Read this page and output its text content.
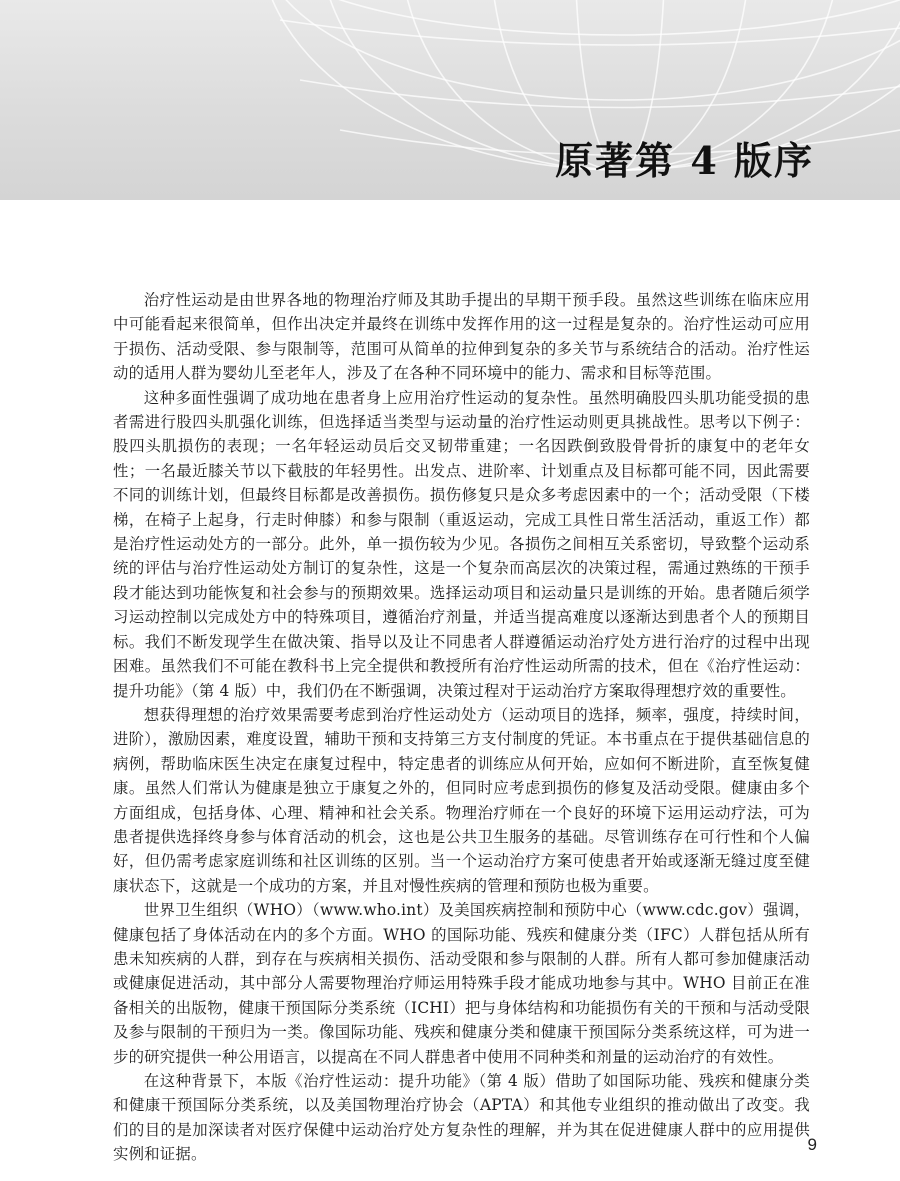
原著第 4 版序

治疗性运动是由世界各地的物理治疗师及其助手提出的早期干预手段。虽然这些训练在临床应用中可能看起来很简单，但作出决定并最终在训练中发挥作用的这一过程是复杂的。治疗性运动可应用于损伤、活动受限、参与限制等，范围可从简单的拉伸到复杂的多关节与系统结合的活动。治疗性运动的适用人群为婴幼儿至老年人，涉及了在各种不同环境中的能力、需求和目标等范围。

这种多面性强调了成功地在患者身上应用治疗性运动的复杂性。虽然明确股四头肌功能受损的患者需进行股四头肌强化训练，但选择适当类型与运动量的治疗性运动则更具挑战性。思考以下例子：股四头肌损伤的表现；一名年轻运动员后交叉韧带重建；一名因跌倒致股骨骨折的康复中的老年女性；一名最近膝关节以下截肢的年轻男性。出发点、进阶率、计划重点及目标都可能不同，因此需要不同的训练计划，但最终目标都是改善损伤。损伤修复只是众多考虑因素中的一个；活动受限（下楼梯，在椅子上起身，行走时伸膝）和参与限制（重返运动，完成工具性日常生活活动，重返工作）都是治疗性运动处方的一部分。此外，单一损伤较为少见。各损伤之间相互关系密切，导致整个运动系统的评估与治疗性运动处方制订的复杂性，这是一个复杂而高层次的决策过程，需通过熟练的干预手段才能达到功能恢复和社会参与的预期效果。选择运动项目和运动量只是训练的开始。患者随后须学习运动控制以完成处方中的特殊项目，遵循治疗剂量，并适当提高难度以逐渐达到患者个人的预期目标。我们不断发现学生在做决策、指导以及让不同患者人群遵循运动治疗处方进行治疗的过程中出现困难。虽然我们不可能在教科书上完全提供和教授所有治疗性运动所需的技术，但在《治疗性运动：提升功能》（第 4 版）中，我们仍在不断强调，决策过程对于运动治疗方案取得理想疗效的重要性。

想获得理想的治疗效果需要考虑到治疗性运动处方（运动项目的选择，频率，强度，持续时间，进阶），激励因素，难度设置，辅助干预和支持第三方支付制度的凭证。本书重点在于提供基础信息的病例，帮助临床医生决定在康复过程中，特定患者的训练应从何开始，应如何不断进阶，直至恢复健康。虽然人们常认为健康是独立于康复之外的，但同时应考虑到损伤的修复及活动受限。健康由多个方面组成，包括身体、心理、精神和社会关系。物理治疗师在一个良好的环境下运用运动疗法，可为患者提供选择终身参与体育活动的机会，这也是公共卫生服务的基础。尽管训练存在可行性和个人偏好，但仍需考虑家庭训练和社区训练的区别。当一个运动治疗方案可使患者开始或逐渐无缝过度至健康状态下，这就是一个成功的方案，并且对慢性疾病的管理和预防也极为重要。

世界卫生组织（WHO）（www.who.int）及美国疾病控制和预防中心（www.cdc.gov）强调，健康包括了身体活动在内的多个方面。WHO 的国际功能、残疾和健康分类（IFC）人群包括从所有患未知疾病的人群，到存在与疾病相关损伤、活动受限和参与限制的人群。所有人都可参加健康活动或健康促进活动，其中部分人需要物理治疗师运用特殊手段才能成功地参与其中。WHO 目前正在准备相关的出版物，健康干预国际分类系统（ICHI）把与身体结构和功能损伤有关的干预和与活动受限及参与限制的干预归为一类。像国际功能、残疾和健康分类和健康干预国际分类系统这样，可为进一步的研究提供一种公用语言，以提高在不同人群患者中使用不同种类和剂量的运动治疗的有效性。

在这种背景下，本版《治疗性运动：提升功能》（第 4 版）借助了如国际功能、残疾和健康分类和健康干预国际分类系统，以及美国物理治疗协会（APTA）和其他专业组织的推动做出了改变。我们的目的是加深读者对医疗保健中运动治疗处方复杂性的理解，并为其在促进健康人群中的应用提供实例和证据。

9
